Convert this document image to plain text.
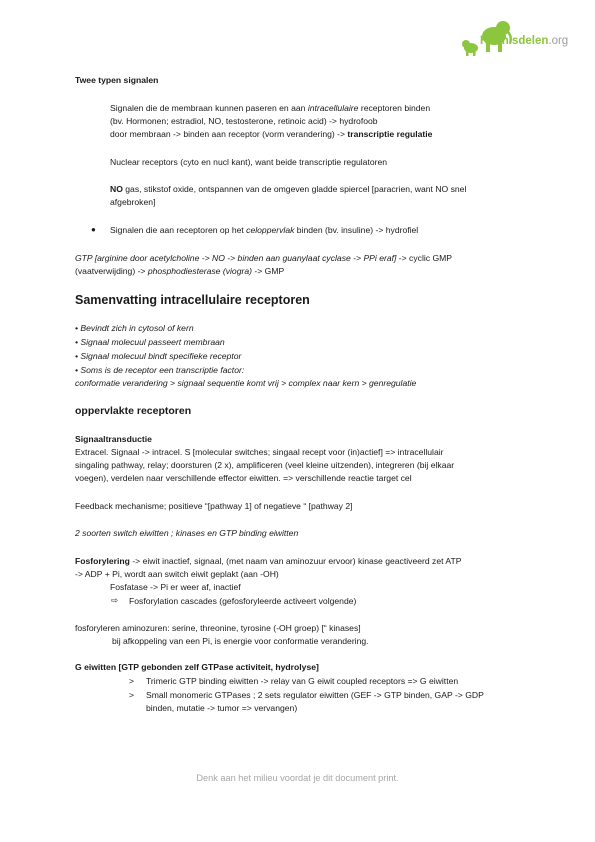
Kennisdelen.org
Twee typen signalen
Signalen die de membraan kunnen paseren en aan intracellulaire receptoren binden
(bv. Hormonen; estradiol, NO, testosterone, retinoic acid) -> hydrofoob
door membraan -> binden aan receptor (vorm verandering) -> transcriptie regulatie
Nuclear receptors (cyto en nucl kant), want beide transcriptie regulatoren
NO gas, stikstof oxide, ontspannen van de omgeven gladde spiercel [paracrien, want NO snel
afgebroken]
● Signalen die aan receptoren op het celoppervlak binden (bv. insuline) -> hydrofiel
GTP [arginine door acetylcholine -> NO -> binden aan guanylaat cyclase -> PPi eraf] -> cyclic GMP
(vaatverwijding) -> phosphodiesterase (viogra) -> GMP
Samenvatting intracellulaire receptoren
• Bevindt zich in cytosol of kern
• Signaal molecuul passeert membraan
• Signaal molecuul bindt specifieke receptor
• Soms is de receptor een transcriptie factor:
conformatie verandering > signaal sequentie komt vrij > complex naar kern > genregulatie
oppervlakte receptoren
Signaaltransductie
Extracel. Signaal -> intracel. S [molecular switches; singaal recept voor (in)actief] => intracellulair
singaling pathway, relay; doorsturen (2 x), amplificeren (veel kleine uitzenden), integreren (bij elkaar
voegen), verdelen naar verschillende effector eiwitten. => verschillende reactie target cel
Feedback mechanisme; positieve “[pathway 1] of negatieve “ [pathway 2]
2 soorten switch eiwitten ; kinases en GTP binding eiwitten
Fosforylering -> eiwit inactief, signaal, (met naam van aminozuur ervoor) kinase geactiveerd zet ATP
-> ADP + Pi, wordt aan switch eiwit geplakt (aan -OH)
Fosfatase -> Pi er weer af, inactief
⇨ Fosforylation cascades (gefosforyleerde activeert volgende)
fosforyleren aminozuren: serine, threonine, tyrosine (-OH groep) [“ kinases]
bij afkoppeling van een Pi, is energie voor conformatie verandering.
G eiwitten [GTP gebonden zelf GTPase activiteit, hydrolyse]
> Trimeric GTP binding eiwitten -> relay van G eiwit coupled receptors => G eiwitten
> Small monomeric GTPases ; 2 sets regulator eiwitten (GEF -> GTP binden, GAP -> GDP
binden, mutatie -> tumor => vervangen)
Denk aan het milieu voordat je dit document print.
